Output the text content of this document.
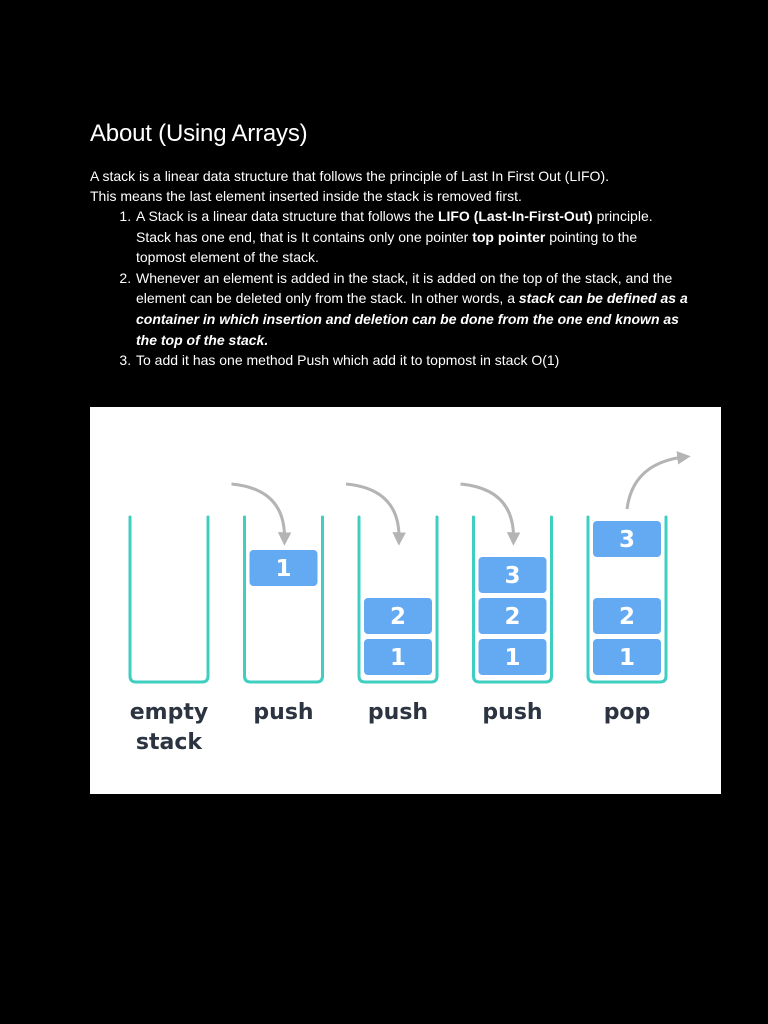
About (Using Arrays)

A stack is a linear data structure that follows the principle of Last In First Out (LIFO).
This means the last element inserted inside the stack is removed first.

1. A Stack is a linear data structure that follows the LIFO (Last-In-First-Out) principle. Stack has one end, that is It contains only one pointer top pointer pointing to the topmost element of the stack.
2. Whenever an element is added in the stack, it is added on the top of the stack, and the element can be deleted only from the stack. In other words, a stack can be defined as a container in which insertion and deletion can be done from the one end known as the top of the stack.
3. To add it has one method Push which add it to topmost in stack O(1)
empty
stack
1
push
1
2
push
1
2
3
push
1
2
3
pop
